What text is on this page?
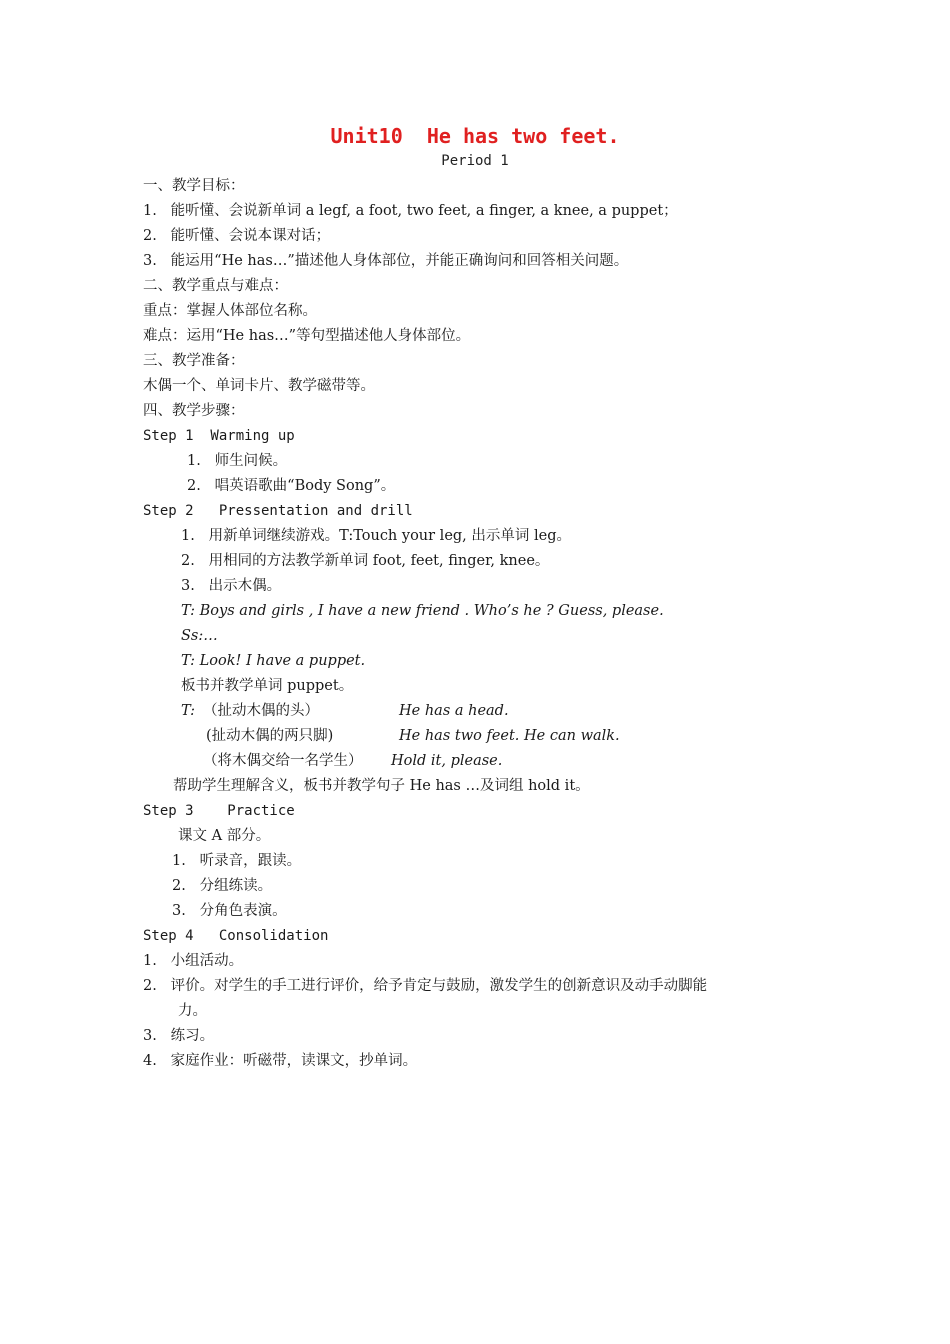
Unit10  He has two feet.
Period 1
一、教学目标：
1.   能听懂、会说新单词 a legf, a foot, two feet, a finger, a knee, a puppet；
2.   能听懂、会说本课对话；
3.   能运用“He has…”描述他人身体部位，并能正确询问和回答相关问题。
二、教学重点与难点：
重点：掌握人体部位名称。
难点：运用“He has…”等句型描述他人身体部位。
三、教学准备：
木偶一个、单词卡片、教学磁带等。
四、教学步骤：
Step 1  Warming up
1.   师生问候。
2.   唱英语歌曲“Body Song”。
Step 2   Pressentation and drill
1.   用新单词继续游戏。T:Touch your leg, 出示单词 leg。
2.   用相同的方法教学新单词 foot, feet, finger, knee。
3.   出示木偶。
T: Boys and girls , I have a new friend . Who’s he ? Guess, please.
Ss:…
T: Look! I have a puppet.
板书并教学单词 puppet。
T: （扯动木偶的头）	He has a head.
(扯动木偶的两只脚)	He has two feet. He can walk.
（将木偶交给一名学生） Hold it, please.
帮助学生理解含义，板书并教学句子 He has …及词组 hold it。
Step 3    Practice
课文 A 部分。
1.   听录音，跟读。
2.   分组练读。
3.   分角色表演。
Step 4   Consolidation
1.   小组活动。
2.   评价。对学生的手工进行评价，给予肯定与鼓励，激发学生的创新意识及动手动脚能
力。
3.   练习。
4.   家庭作业：听磁带，读课文，抄单词。
